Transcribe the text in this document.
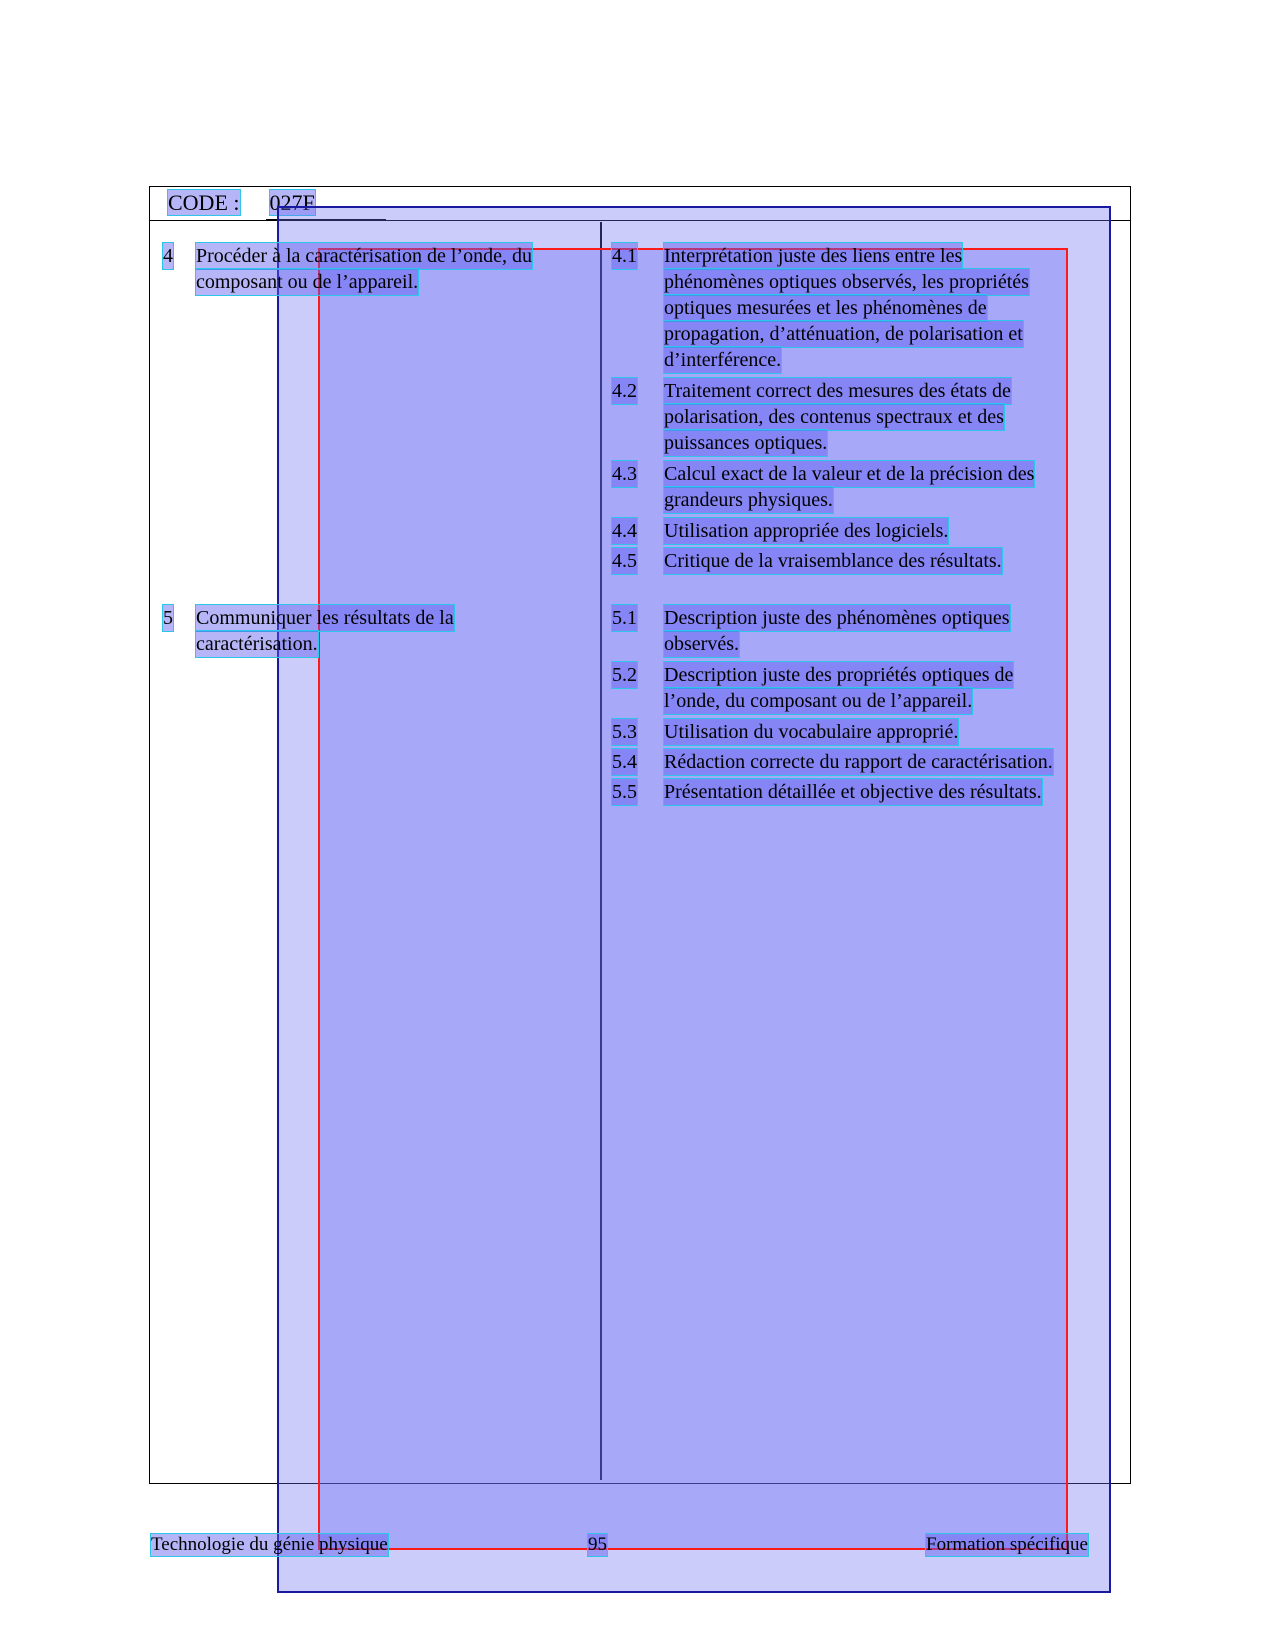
CODE : 027F
4 Procéder à la caractérisation de l’onde, du
composant ou de l’appareil.
5 Communiquer les résultats de la
caractérisation.
4.1 Interprétation juste des liens entre les
phénomènes optiques observés, les propriétés
optiques mesurées et les phénomènes de
propagation, d’atténuation, de polarisation et
d’interférence.
4.2 Traitement correct des mesures des états de
polarisation, des contenus spectraux et des
puissances optiques.
4.3 Calcul exact de la valeur et de la précision des
grandeurs physiques.
4.4 Utilisation appropriée des logiciels.
4.5 Critique de la vraisemblance des résultats.
5.1 Description juste des phénomènes optiques
observés.
5.2 Description juste des propriétés optiques de
l’onde, du composant ou de l’appareil.
5.3 Utilisation du vocabulaire approprié.
5.4 Rédaction correcte du rapport de caractérisation.
5.5 Présentation détaillée et objective des résultats.
Technologie du génie physique	95	Formation spécifique
